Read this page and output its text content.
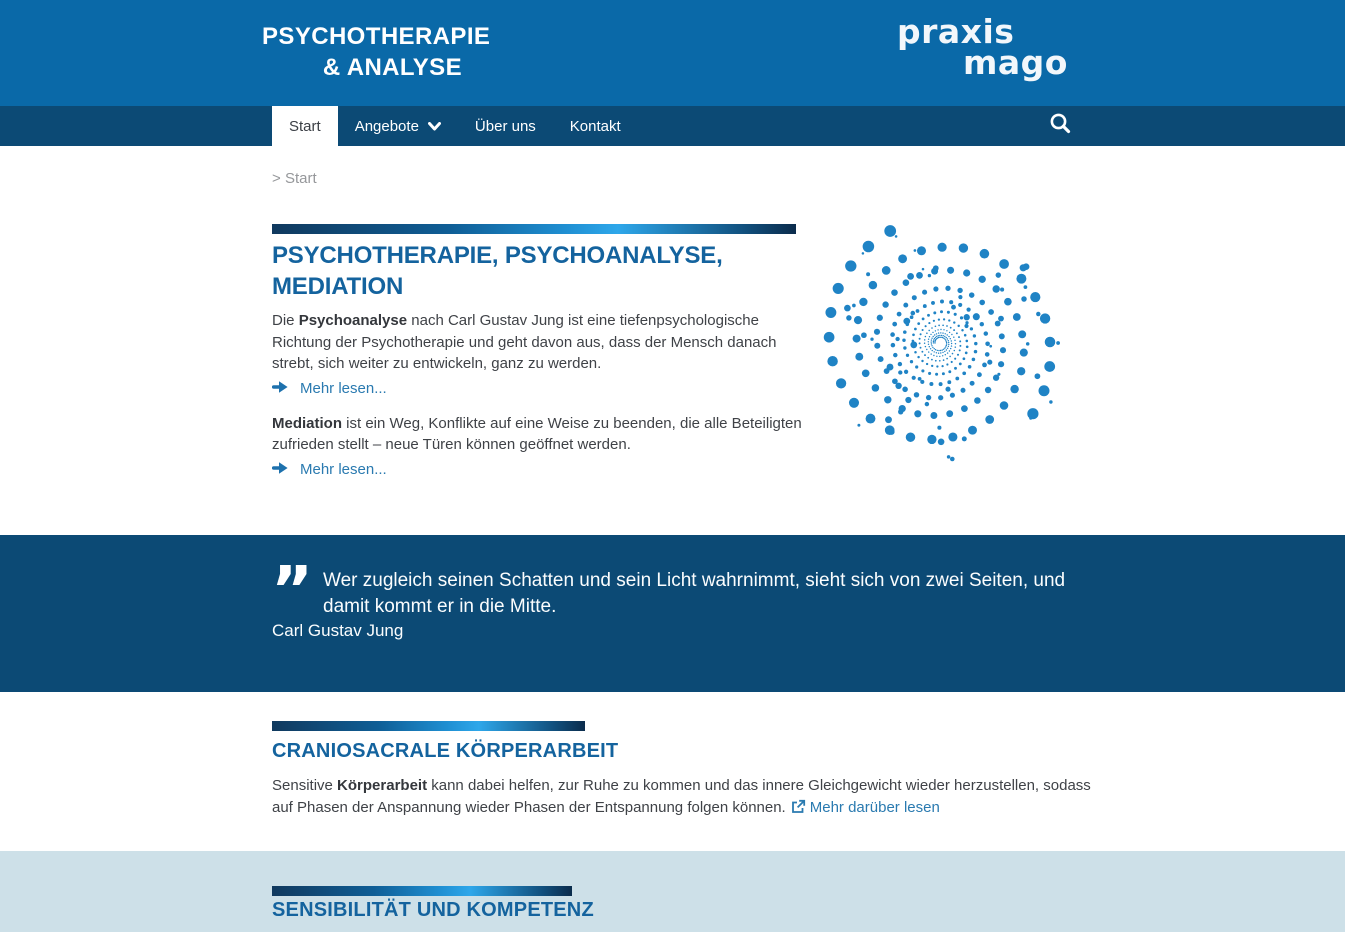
PSYCHOTHERAPIE
& ANALYSE
praxis
mago
Start Angebote	Über uns Kontakt
> Start
PSYCHOTHERAPIE, PSYCHOANALYSE, MEDIATION

Die Psychoanalyse nach Carl Gustav Jung ist eine tiefenpsychologische Richtung der Psychotherapie und geht davon aus, dass der Mensch danach strebt, sich weiter zu entwickeln, ganz zu werden.

Mehr lesen...

Mediation ist ein Weg, Konflikte auf eine Weise zu beenden, die alle Beteiligten zufrieden stellt – neue Türen können geöffnet werden.

Mehr lesen...
” Wer zugleich seinen Schatten und sein Licht wahrnimmt, sieht sich von zwei Seiten, und damit kommt er in die Mitte.
Carl Gustav Jung
CRANIOSACRALE KÖRPERARBEIT

Sensitive Körperarbeit kann dabei helfen, zur Ruhe zu kommen und das innere Gleichgewicht wieder herzustellen, sodass auf Phasen der Anspannung wieder Phasen der Entspannung folgen können. Mehr darüber lesen

SENSIBILITÄT UND KOMPETENZ
